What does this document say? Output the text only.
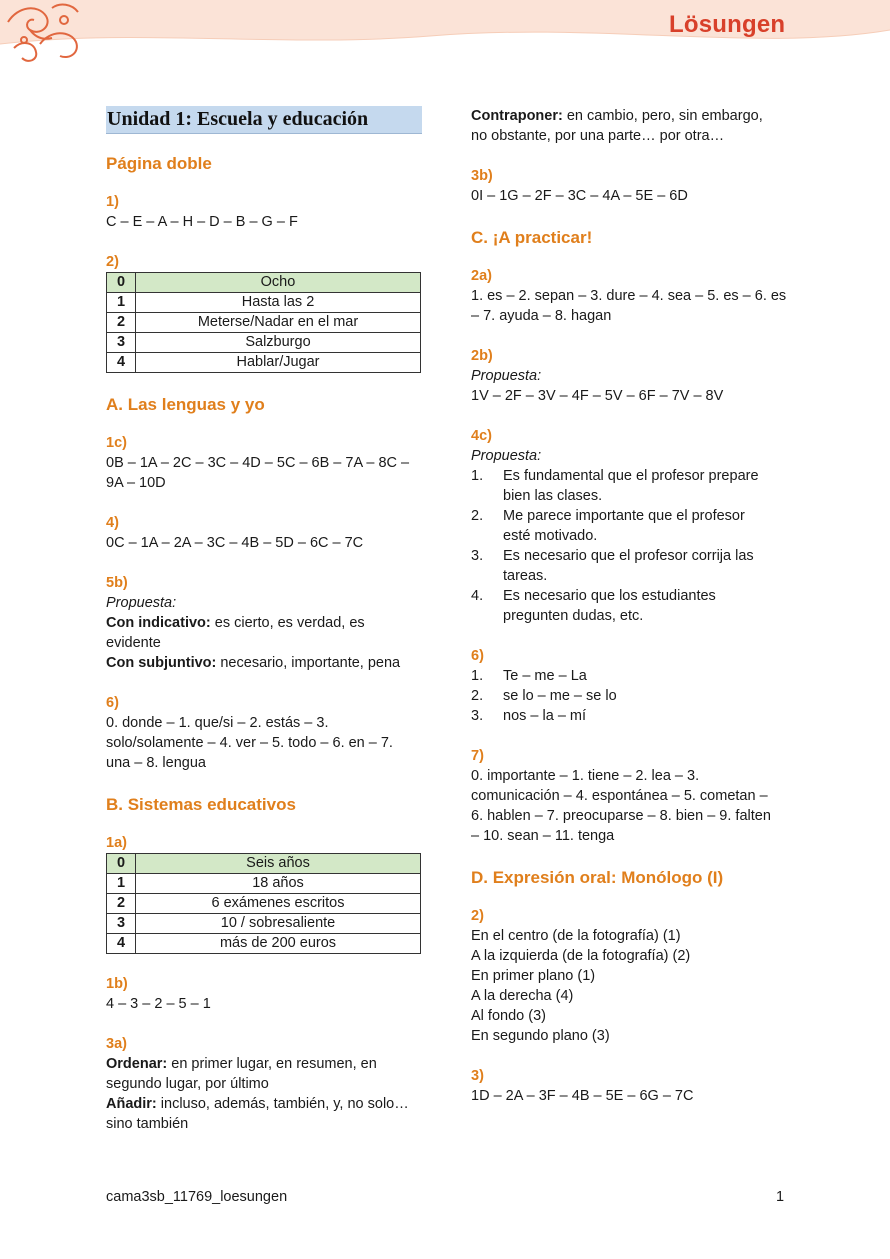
Lösungen
Unidad 1: Escuela y educación
Página doble
1)
C – E – A – H – D – B – G – F
2)
0	Ocho
1	Hasta las 2
2	Meterse/Nadar en el mar
3	Salzburgo
4	Hablar/Jugar
A. Las lenguas y yo
1c)
0B – 1A – 2C – 3C – 4D – 5C – 6B – 7A – 8C –
9A – 10D
4)
0C – 1A – 2A – 3C – 4B – 5D – 6C – 7C
5b)
Propuesta:
Con indicativo: es cierto, es verdad, es
evidente
Con subjuntivo: necesario, importante, pena
6)
0. donde – 1. que/si – 2. estás – 3.
solo/solamente – 4. ver – 5. todo – 6. en – 7.
una – 8. lengua
B. Sistemas educativos
1a)
0	Seis años
1	18 años
2	6 exámenes escritos
3	10 / sobresaliente
4	más de 200 euros
1b)
4 – 3 – 2 – 5 – 1
3a)
Ordenar: en primer lugar, en resumen, en
segundo lugar, por último
Añadir: incluso, además, también, y, no solo…
sino también
Contraponer: en cambio, pero, sin embargo,
no obstante, por una parte… por otra…
3b)
0I – 1G – 2F – 3C – 4A – 5E – 6D
C. ¡A practicar!
2a)
1. es – 2. sepan – 3. dure – 4. sea – 5. es – 6. es
– 7. ayuda – 8. hagan
2b)
Propuesta:
1V – 2F – 3V – 4F – 5V – 6F – 7V – 8V
4c)
Propuesta:
1. Es fundamental que el profesor prepare
bien las clases.
2. Me parece importante que el profesor
esté motivado.
3. Es necesario que el profesor corrija las
tareas.
4. Es necesario que los estudiantes
pregunten dudas, etc.
6)
1. Te – me – La
2. se lo – me – se lo
3. nos – la – mí
7)
0. importante – 1. tiene – 2. lea – 3.
comunicación – 4. espontánea – 5. cometan –
6. hablen – 7. preocuparse – 8. bien – 9. falten
– 10. sean – 11. tenga
D. Expresión oral: Monólogo (I)
2)
En el centro (de la fotografía) (1)
A la izquierda (de la fotografía) (2)
En primer plano (1)
A la derecha (4)
Al fondo (3)
En segundo plano (3)
3)
1D – 2A – 3F – 4B – 5E – 6G – 7C
cama3sb_11769_loesungen	1
